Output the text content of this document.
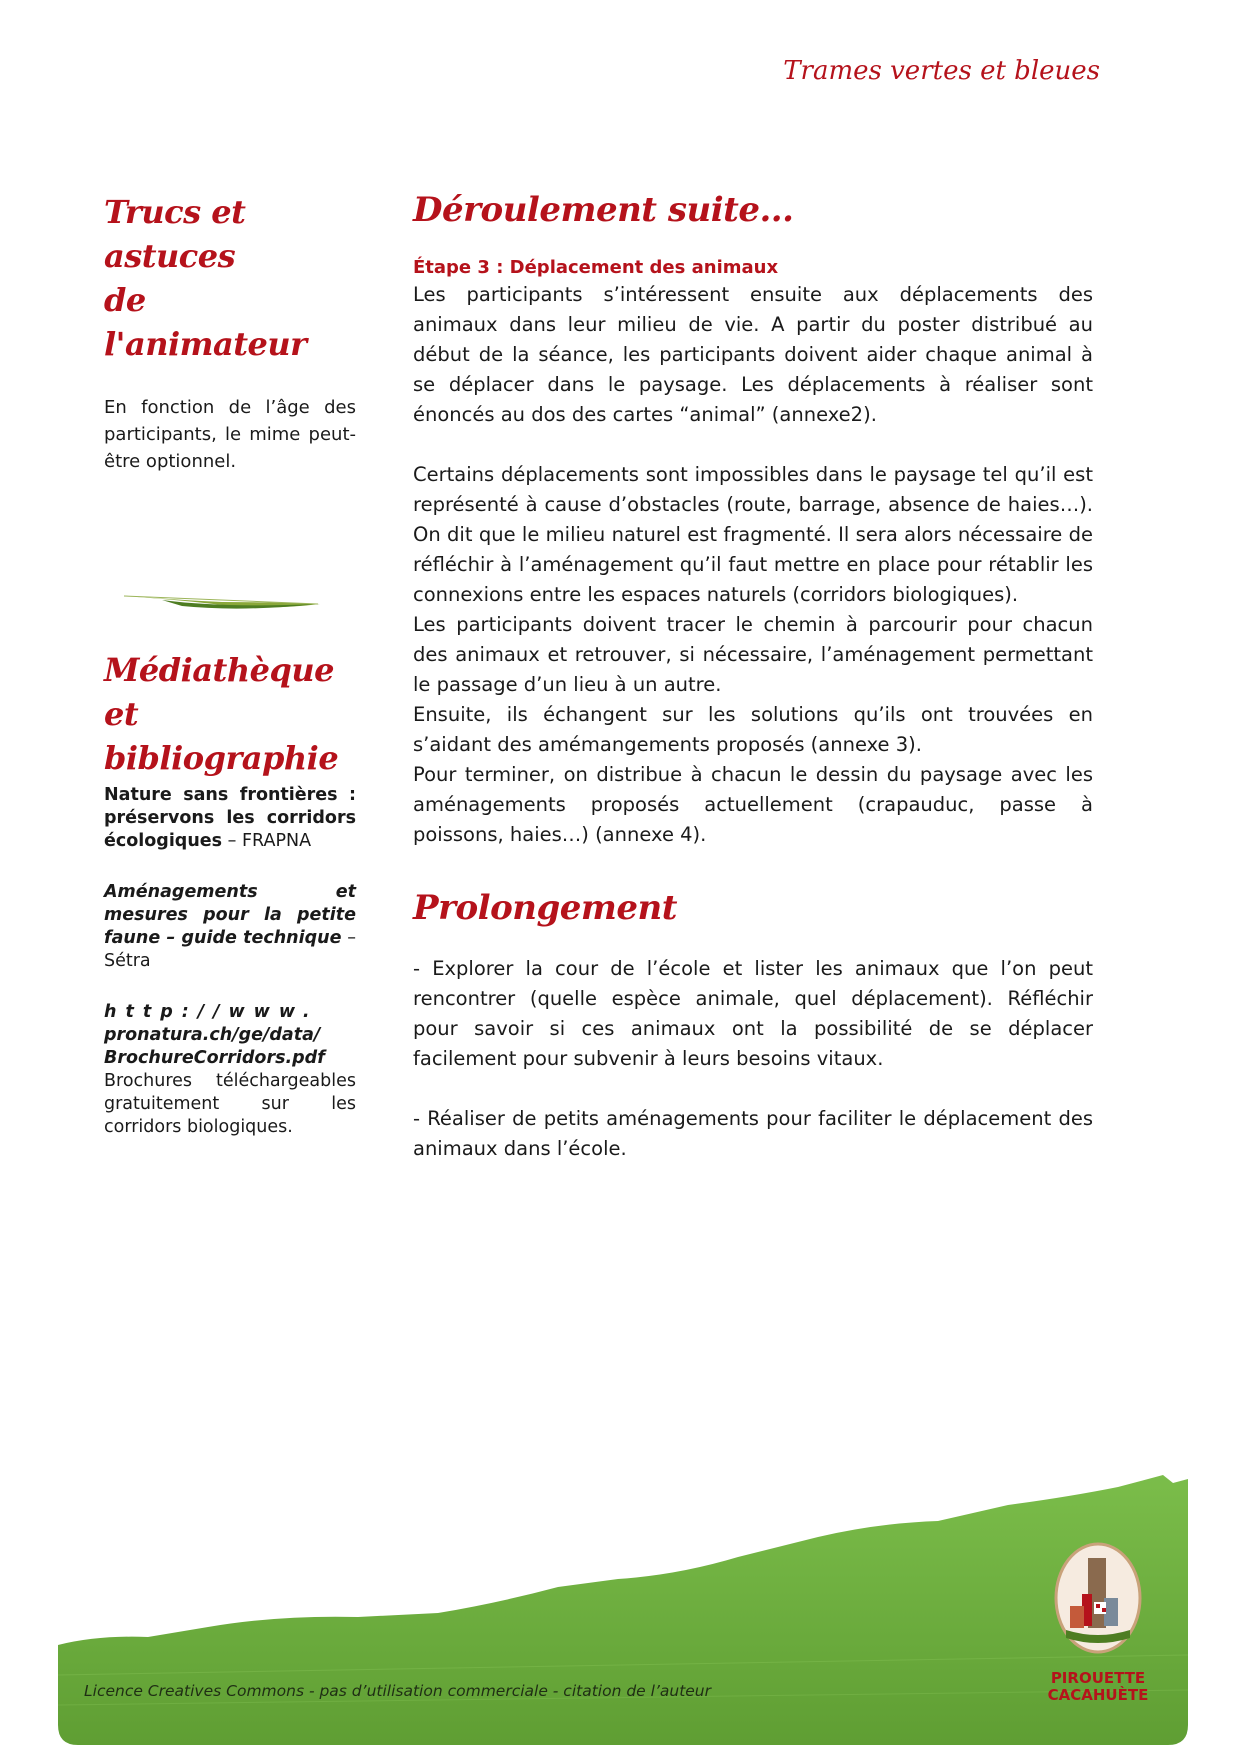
Trames vertes et bleues
Trucs et astuces
de l'animateur

En fonction de l’âge des participants, le mime peut-être optionnel.

Médiathèque et
bibliographie

Nature sans frontières : préservons les corridors écologiques – FRAPNA

Aménagements et mesures pour la petite faune – guide technique – Sétra

http://www.
pronatura.ch/ge/data/
BrochureCorridors.pdf

Brochures téléchargeables gratuitement sur les corridors biologiques.

Déroulement suite...
Étape 3 : Déplacement des animaux

Les participants s’intéressent ensuite aux déplacements des animaux dans leur milieu de vie. A partir du poster distribué au début de la séance, les participants doivent aider chaque animal à se déplacer dans le paysage. Les déplacements à réaliser sont énoncés au dos des cartes “animal” (annexe2).

Certains déplacements sont impossibles dans le paysage tel qu’il est représenté à cause d’obstacles (route, barrage, absence de haies…). On dit que le milieu naturel est fragmenté. Il sera alors nécessaire de réfléchir à l’aménagement qu’il faut mettre en place pour rétablir les connexions entre les espaces naturels (corridors biologiques).

Les participants doivent tracer le chemin à parcourir pour chacun des animaux et retrouver, si nécessaire, l’aménagement permettant le passage d’un lieu à un autre.

Ensuite, ils échangent sur les solutions qu’ils ont trouvées en s’aidant des amémangements proposés (annexe 3).

Pour terminer, on distribue à chacun le dessin du paysage avec les aménagements proposés actuellement (crapauduc, passe à poissons, haies…) (annexe 4).

Prolongement

- Explorer la cour de l’école et lister les animaux que l’on peut rencontrer (quelle espèce animale, quel déplacement). Réfléchir pour savoir si ces animaux ont la possibilité de se déplacer facilement pour subvenir à leurs besoins vitaux.

- Réaliser de petits aménagements pour faciliter le déplacement des animaux dans l’école.

Licence Creatives Commons - pas d’utilisation commerciale - citation de l’auteur
PIROUETTE
CACAHUÈTE
